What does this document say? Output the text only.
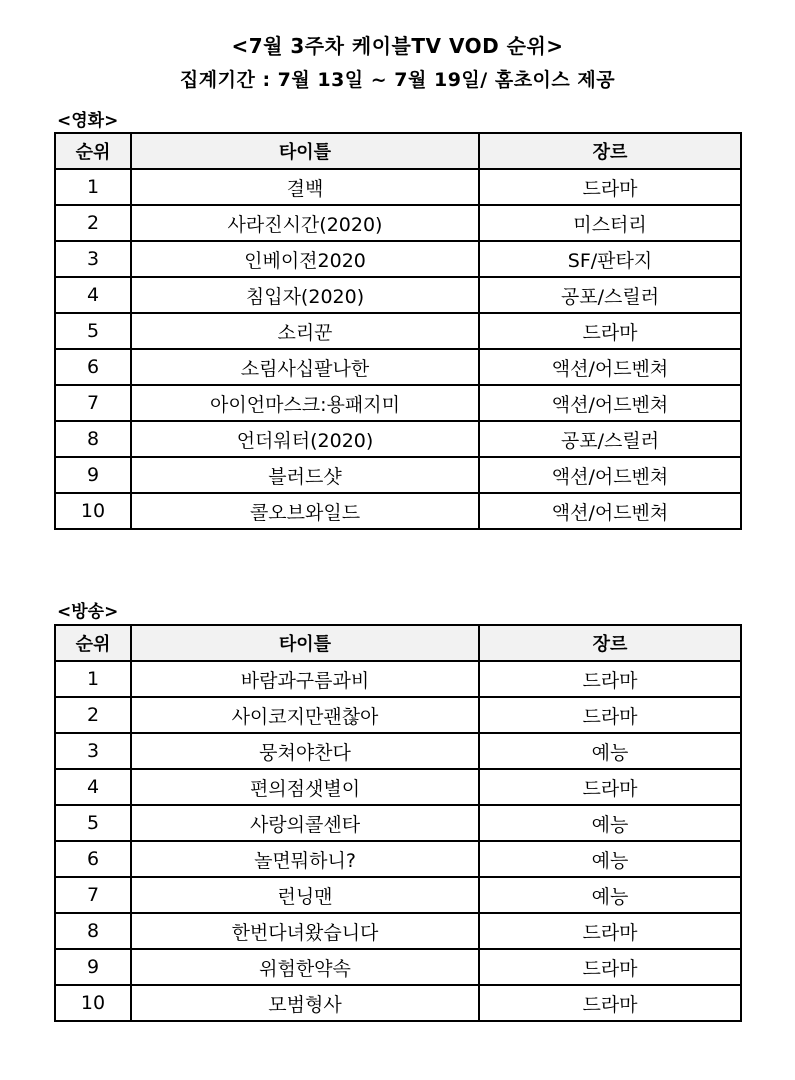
<7월 3주차 케이블TV VOD 순위>
집계기간 : 7월 13일 ~ 7월 19일/ 홈초이스 제공
<영화>
순위	타이틀	장르
1	결백	드라마
2	사라진시간(2020)	미스터리
3	인베이젼2020	SF/판타지
4	침입자(2020)	공포/스릴러
5	소리꾼	드라마
6	소림사십팔나한	액션/어드벤쳐
7	아이언마스크:용패지미	액션/어드벤쳐
8	언더워터(2020)	공포/스릴러
9	블러드샷	액션/어드벤쳐
10	콜오브와일드	액션/어드벤쳐
<방송>
순위	타이틀	장르
1	바람과구름과비	드라마
2	사이코지만괜찮아	드라마
3	뭉쳐야찬다	예능
4	편의점샛별이	드라마
5	사랑의콜센타	예능
6	놀면뭐하니?	예능
7	런닝맨	예능
8	한번다녀왔습니다	드라마
9	위험한약속	드라마
10	모범형사	드라마
